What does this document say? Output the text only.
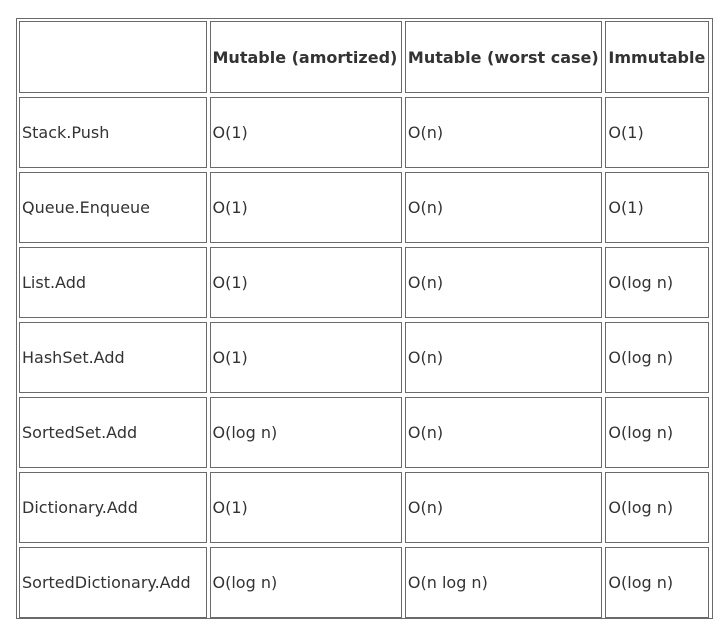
	Mutable (amortized)	Mutable (worst case)	Immutable
Stack.Push	O(1)	O(n)	O(1)
Queue.Enqueue	O(1)	O(n)	O(1)
List.Add	O(1)	O(n)	O(log n)
HashSet.Add	O(1)	O(n)	O(log n)
SortedSet.Add	O(log n)	O(n)	O(log n)
Dictionary.Add	O(1)	O(n)	O(log n)
SortedDictionary.Add	O(log n)	O(n log n)	O(log n)
